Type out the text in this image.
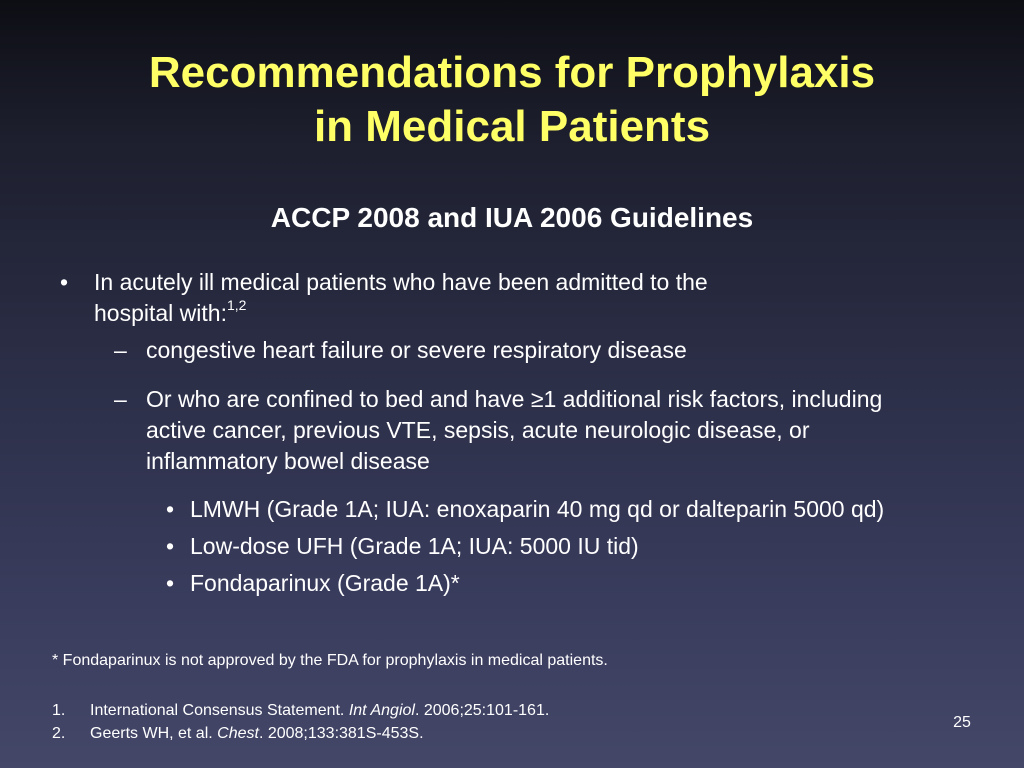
Recommendations for Prophylaxis
in Medical Patients
ACCP 2008 and IUA 2006 Guidelines
• In acutely ill medical patients who have been admitted to the
hospital with:$^{1,2}$
– congestive heart failure or severe respiratory disease
– Or who are confined to bed and have ≥1 additional risk factors, including
active cancer, previous VTE, sepsis, acute neurologic disease, or
inflammatory bowel disease
• LMWH (Grade 1A; IUA: enoxaparin 40 mg qd or dalteparin 5000 qd)
• Low-dose UFH (Grade 1A; IUA: 5000 IU tid)
• Fondaparinux (Grade 1A)*
* Fondaparinux is not approved by the FDA for prophylaxis in medical patients.
1. International Consensus Statement. Int Angiol. 2006;25:101-161.
2. Geerts WH, et al. Chest. 2008;133:381S-453S.
25
